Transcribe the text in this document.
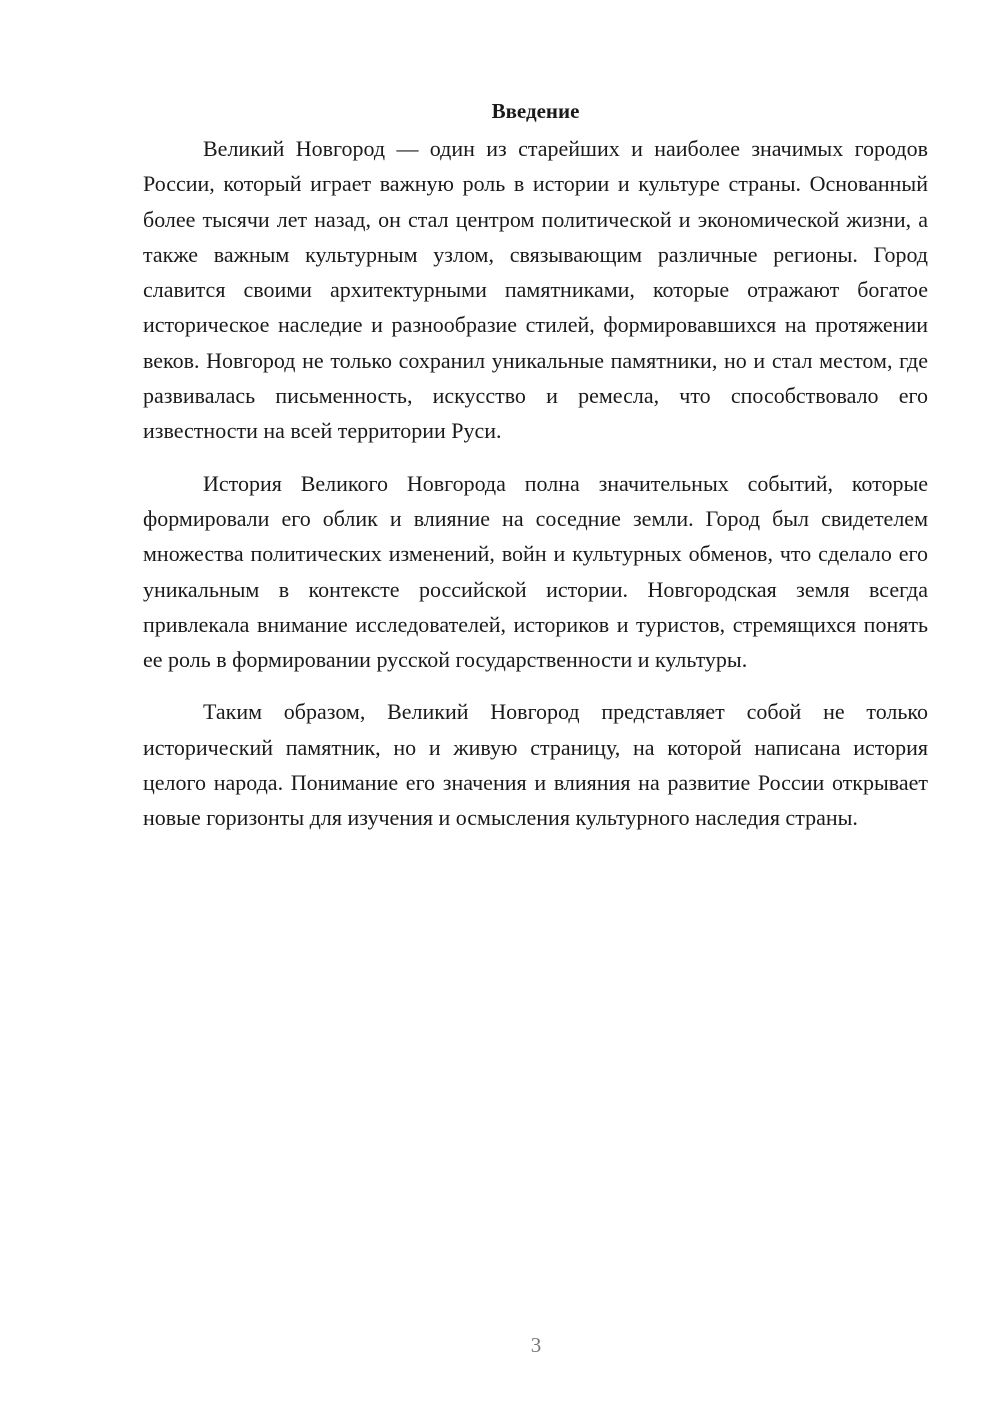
Введение

Великий Новгород — один из старейших и наиболее значимых городов России, который играет важную роль в истории и культуре страны. Основанный более тысячи лет назад, он стал центром политической и экономической жизни, а также важным культурным узлом, связывающим различные регионы. Город славится своими архитектурными памятниками, которые отражают богатое историческое наследие и разнообразие стилей, формировавшихся на протяжении веков. Новгород не только сохранил уникальные памятники, но и стал местом, где развивалась письменность, искусство и ремесла, что способствовало его известности на всей территории Руси.

История Великого Новгорода полна значительных событий, которые формировали его облик и влияние на соседние земли. Город был свидетелем множества политических изменений, войн и культурных обменов, что сделало его уникальным в контексте российской истории. Новгородская земля всегда привлекала внимание исследователей, историков и туристов, стремящихся понять ее роль в формировании русской государственности и культуры.

Таким образом, Великий Новгород представляет собой не только исторический памятник, но и живую страницу, на которой написана история целого народа. Понимание его значения и влияния на развитие России открывает новые горизонты для изучения и осмысления культурного наследия страны.

3
